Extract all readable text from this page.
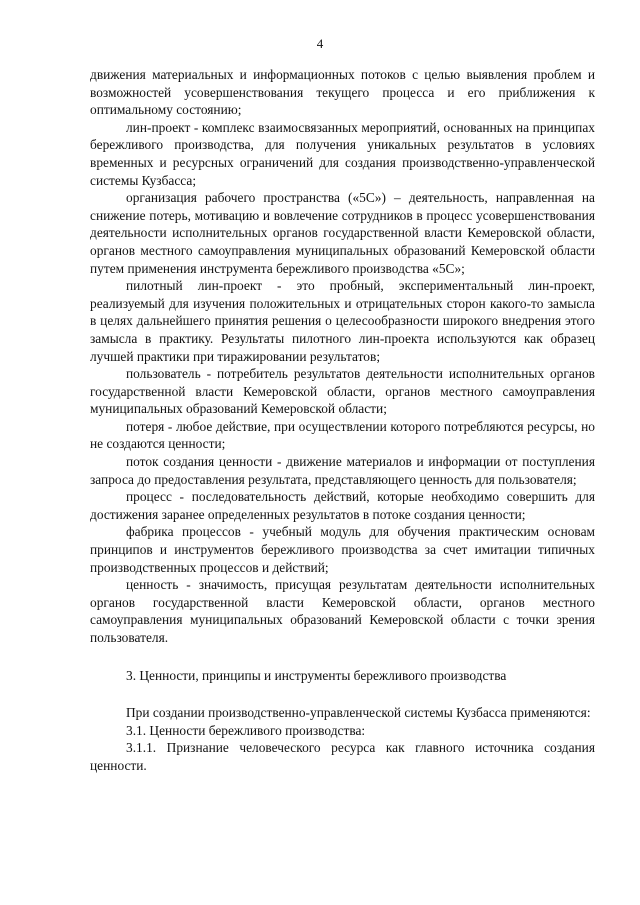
4

движения материальных и информационных потоков с целью выявления проблем и возможностей усовершенствования текущего процесса и его приближения к оптимальному состоянию;

лин-проект - комплекс взаимосвязанных мероприятий, основанных на принципах бережливого производства, для получения уникальных результатов в условиях временных и ресурсных ограничений для создания производственно-управленческой системы Кузбасса;

организация рабочего пространства («5С») – деятельность, направленная на снижение потерь, мотивацию и вовлечение сотрудников в процесс усовершенствования деятельности исполнительных органов государственной власти Кемеровской области, органов местного самоуправления муниципальных образований Кемеровской области путем применения инструмента бережливого производства «5С»;

пилотный лин-проект - это пробный, экспериментальный лин-проект, реализуемый для изучения положительных и отрицательных сторон какого-то замысла в целях дальнейшего принятия решения о целесообразности широкого внедрения этого замысла в практику. Результаты пилотного лин-проекта используются как образец лучшей практики при тиражировании результатов;

пользователь - потребитель результатов деятельности исполнительных органов государственной власти Кемеровской области, органов местного самоуправления муниципальных образований Кемеровской области;

потеря - любое действие, при осуществлении которого потребляются ресурсы, но не создаются ценности;

поток создания ценности - движение материалов и информации от поступления запроса до предоставления результата, представляющего ценность для пользователя;

процесс - последовательность действий, которые необходимо совершить для достижения заранее определенных результатов в потоке создания ценности;

фабрика процессов - учебный модуль для обучения практическим основам принципов и инструментов бережливого производства за счет имитации типичных производственных процессов и действий;

ценность - значимость, присущая результатам деятельности исполнительных органов государственной власти Кемеровской области, органов местного самоуправления муниципальных образований Кемеровской области с точки зрения пользователя.

3. Ценности, принципы и инструменты бережливого производства

При создании производственно-управленческой системы Кузбасса применяются:

3.1. Ценности бережливого производства:

3.1.1. Признание человеческого ресурса как главного источника создания ценности.
